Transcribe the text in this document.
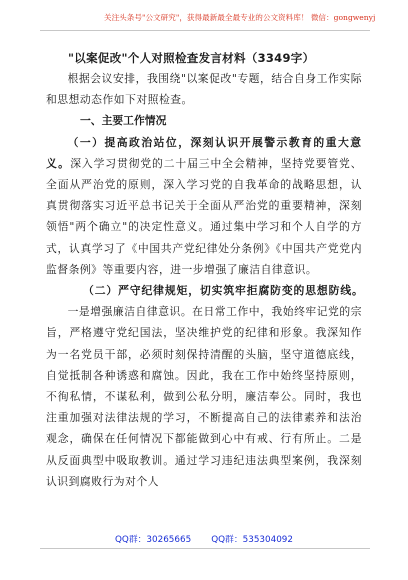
关注头条号"公文研究"，获得最新最全最专业的公文资料库！ 微信：gongwenyj
"以案促改"个人对照检查发言材料（3349字）

根据会议安排，我围绕"以案促改"专题，结合自身工作实际和思想动态作如下对照检查。

一、主要工作情况

（一）提高政治站位，深刻认识开展警示教育的重大意义。深入学习贯彻党的二十届三中全会精神，坚持党要管党、全面从严治党的原则，深入学习党的自我革命的战略思想，认真贯彻落实习近平总书记关于全面从严治党的重要精神，深刻领悟"两个确立"的决定性意义。通过集中学习和个人自学的方式，认真学习了《中国共产党纪律处分条例》《中国共产党党内监督条例》等重要内容，进一步增强了廉洁自律意识。

（二）严守纪律规矩，切实筑牢拒腐防变的思想防线。

一是增强廉洁自律意识。在日常工作中，我始终牢记党的宗旨，严格遵守党纪国法，坚决维护党的纪律和形象。我深知作为一名党员干部，必须时刻保持清醒的头脑，坚守道德底线，自觉抵制各种诱惑和腐蚀。因此，我在工作中始终坚持原则，不徇私情，不谋私利，做到公私分明，廉洁奉公。同时，我也注重加强对法律法规的学习，不断提高自己的法律素养和法治观念，确保在任何情况下都能做到心中有戒、行有所止。二是从反面典型中吸取教训。通过学习违纪违法典型案例，我深刻认识到腐败行为对个人

QQ群：30265665 QQ群：535304092
